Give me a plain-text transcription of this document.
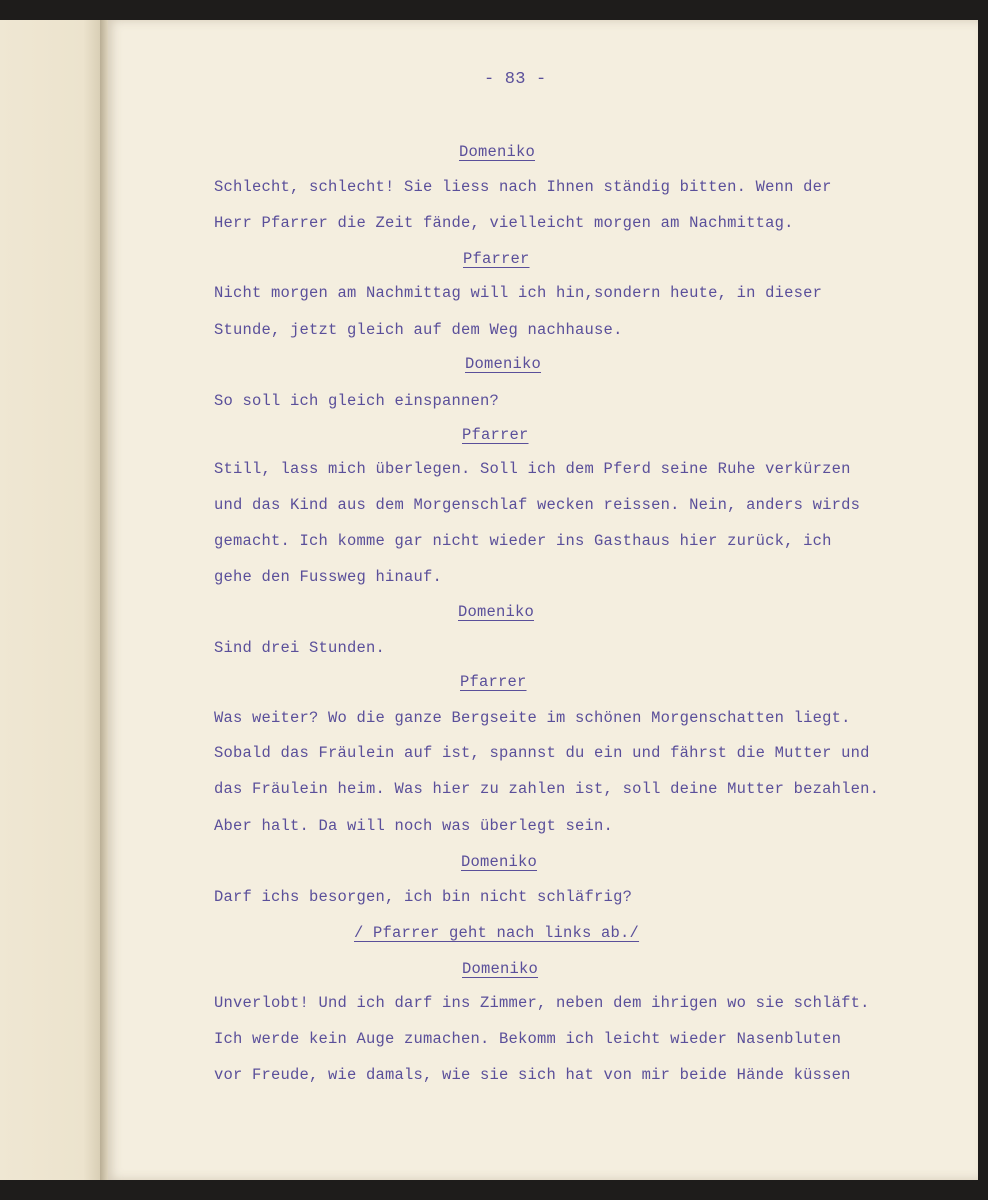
- 83 -
Domeniko
Schlecht, schlecht! Sie liess nach Ihnen ständig bitten. Wenn der
Herr Pfarrer die Zeit fände, vielleicht morgen am Nachmittag.
Pfarrer
Nicht morgen am Nachmittag will ich hin,sondern heute, in dieser
Stunde, jetzt gleich auf dem Weg nachhause.
Domeniko
So soll ich gleich einspannen?
Pfarrer
Still, lass mich überlegen. Soll ich dem Pferd seine Ruhe verkürzen
und das Kind aus dem Morgenschlaf wecken reissen. Nein, anders wirds
gemacht. Ich komme gar nicht wieder ins Gasthaus hier zurück, ich
gehe den Fussweg hinauf.
Domeniko
Sind drei Stunden.
Pfarrer
Was weiter? Wo die ganze Bergseite im schönen Morgenschatten liegt.
Sobald das Fräulein auf ist, spannst du ein und fährst die Mutter und
das Fräulein heim. Was hier zu zahlen ist, soll deine Mutter bezahlen.
Aber halt. Da will noch was überlegt sein.
Domeniko
Darf ichs besorgen, ich bin nicht schläfrig?
/ Pfarrer geht nach links ab./
Domeniko
Unverlobt! Und ich darf ins Zimmer, neben dem ihrigen wo sie schläft.
Ich werde kein Auge zumachen. Bekomm ich leicht wieder Nasenbluten
vor Freude, wie damals, wie sie sich hat von mir beide Hände küssen
